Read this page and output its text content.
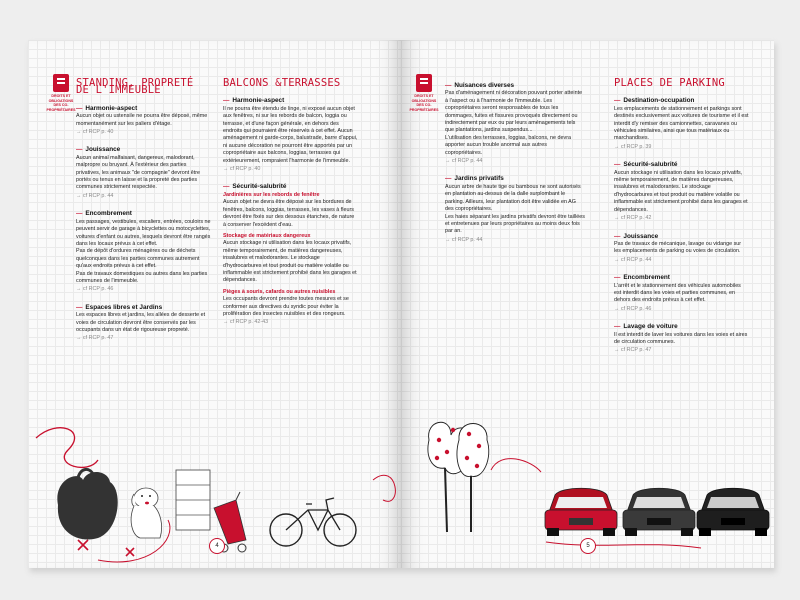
DROITS ET OBLIGATIONS DES CO-PROPRIÉTAIRES
STANDING, PROPRETÉ DE L'IMMEUBLE
— Harmonie-aspect

Aucun objet ou ustensile ne pourra être déposé, même momentanément sur les paliers d'étage.

→ cf RCP p. 40
— Jouissance

Aucun animal malfaisant, dangereux, malodorant, malpropre ou bruyant. À l'extérieur des parties privatives, les animaux "de compagnie" devront être portés ou tenus en laisse et la propreté des parties communes strictement respectée.

→ cf RCP p. 44
— Encombrement

Les passages, vestibules, escaliers, entrées, couloirs ne peuvent servir de garage à bicyclettes ou motocyclettes, voitures d'enfant ou autres, lesquels devront être rangés dans les locaux prévus à cet effet.

Pas de dépôt d'ordures ménagères ou de déchets quelconques dans les parties communes autrement qu'aux endroits prévus à cet effet.

Pas de travaux domestiques ou autres dans les parties communes de l'immeuble.

→ cf RCP p. 46
— Espaces libres et Jardins

Les espaces libres et jardins, les allées de desserte et voies de circulation devront être conservés par les occupants dans un état de rigoureuse propreté.

→ cf RCP p. 47
BALCONS &TERRASSES
— Harmonie-aspect

Il ne pourra être étendu de linge, ni exposé aucun objet aux fenêtres, ni sur les rebords de balcon, loggia ou terrasse, et d'une façon générale, en dehors des endroits qui pourraient être réservés à cet effet. Aucun aménagement ni garde-corps, balustrade, barre d'appui, ni aucune décoration ne pourront être apportés par un copropriétaire aux balcons, loggias, terrasses qui extérieurement, rompraient l'harmonie de l'immeuble.

→ cf RCP p. 40
— Sécurité-salubrité
Jardinières sur les rebords de fenêtre

Aucun objet ne devra être déposé sur les bordures de fenêtres, balcons, loggias, terrasses, les vases à fleurs devront être fixés sur des dessous étanches, de nature à conserver l'excédent d'eau.

Stockage de matériaux dangereux

Aucun stockage ni utilisation dans les locaux privatifs, même temporairement, de matières dangereuses, insalubres et malodorantes. Le stockage d'hydrocarbures et tout produit ou matière volatile ou inflammable est strictement prohibé dans les garages et dépendances.

Pièges à souris, cafards ou autres nuisibles

Les occupants devront prendre toutes mesures et se conformer aux directives du syndic pour éviter la prolifération des insectes nuisibles et des rongeurs.

→ cf RCP p. 42-43
4
DROITS ET OBLIGATIONS DES CO-PROPRIÉTAIRES
— Nuisances diverses

Pas d'aménagement ni décoration pouvant porter atteinte à l'aspect ou à l'harmonie de l'immeuble. Les copropriétaires seront responsables de tous les dommages, fuites et fissures provoqués directement ou indirectement par eux ou par leurs aménagements tels que plantations, jardins suspendus...

L'utilisation des terrasses, loggias, balcons, ne devra apporter aucun trouble anormal aux autres copropriétaires.

→ cf RCP p. 44
— Jardins privatifs

Aucun arbre de haute tige ou bambous ne sont autorisés en plantation au-dessus de la dalle surplombant le parking. Ailleurs, leur plantation doit être validée en AG des copropriétaires.

Les haies séparant les jardins privatifs devront être taillées et entretenues par leurs propriétaires au moins deux fois par an.

→ cf RCP p. 44
PLACES DE PARKING
— Destination-occupation

Les emplacements de stationnement et parkings sont destinés exclusivement aux voitures de tourisme et il est interdit d'y remiser des camionnettes, caravanes ou véhicules similaires, ainsi que tous matériaux ou marchandises.

→ cf RCP p. 39
— Sécurité-salubrité

Aucun stockage ni utilisation dans les locaux privatifs, même temporairement, de matières dangereuses, insalubres et malodorantes. Le stockage d'hydrocarbures et tout produit ou matière volatile ou inflammable est strictement prohibé dans les garages et dépendances.

→ cf RCP p. 42
— Jouissance

Pas de travaux de mécanique, lavage ou vidange sur les emplacements de parking ou voies de circulation.

→ cf RCP p. 44
— Encombrement

L'arrêt et le stationnement des véhicules automobiles est interdit dans les voies et parties communes, en dehors des endroits prévus à cet effet.

→ cf RCP p. 46
— Lavage de voiture

Il est interdit de laver les voitures dans les voies et aires de circulation communes.

→ cf RCP p. 47
5
